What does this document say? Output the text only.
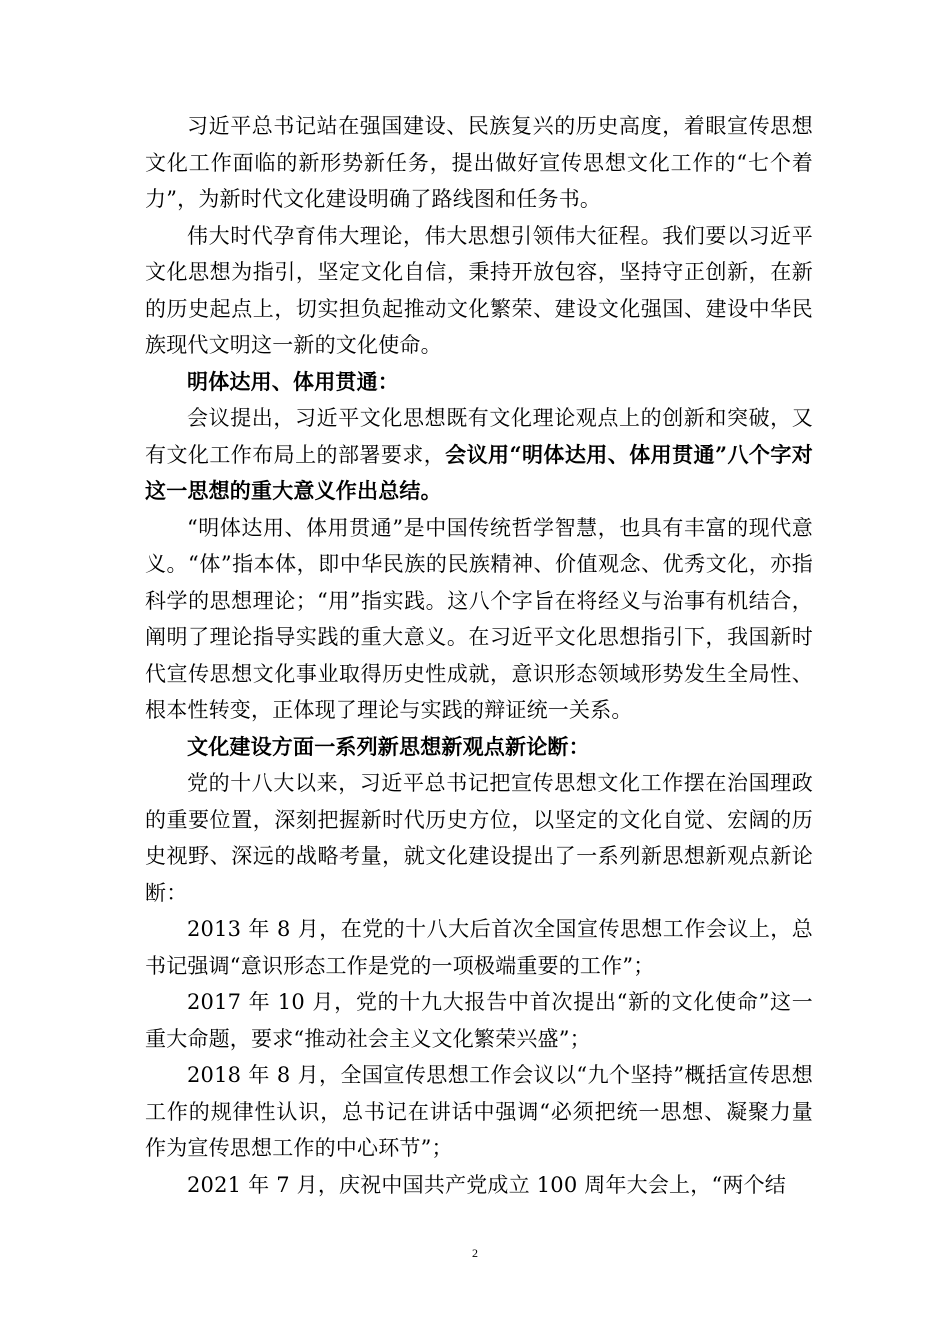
习近平总书记站在强国建设、民族复兴的历史高度，着眼宣传思想文化工作面临的新形势新任务，提出做好宣传思想文化工作的“七个着力”，为新时代文化建设明确了路线图和任务书。

伟大时代孕育伟大理论，伟大思想引领伟大征程。我们要以习近平文化思想为指引，坚定文化自信，秉持开放包容，坚持守正创新，在新的历史起点上，切实担负起推动文化繁荣、建设文化强国、建设中华民族现代文明这一新的文化使命。

明体达用、体用贯通：

会议提出，习近平文化思想既有文化理论观点上的创新和突破，又有文化工作布局上的部署要求，会议用“明体达用、体用贯通”八个字对这一思想的重大意义作出总结。

“明体达用、体用贯通”是中国传统哲学智慧，也具有丰富的现代意义。“体”指本体，即中华民族的民族精神、价值观念、优秀文化，亦指科学的思想理论；“用”指实践。这八个字旨在将经义与治事有机结合，阐明了理论指导实践的重大意义。在习近平文化思想指引下，我国新时代宣传思想文化事业取得历史性成就，意识形态领域形势发生全局性、根本性转变，正体现了理论与实践的辩证统一关系。

文化建设方面一系列新思想新观点新论断：

党的十八大以来，习近平总书记把宣传思想文化工作摆在治国理政的重要位置，深刻把握新时代历史方位，以坚定的文化自觉、宏阔的历史视野、深远的战略考量，就文化建设提出了一系列新思想新观点新论断：

2013 年 8 月，在党的十八大后首次全国宣传思想工作会议上，总书记强调“意识形态工作是党的一项极端重要的工作”；

2017 年 10 月，党的十九大报告中首次提出“新的文化使命”这一重大命题，要求“推动社会主义文化繁荣兴盛”；

2018 年 8 月，全国宣传思想工作会议以“九个坚持”概括宣传思想工作的规律性认识，总书记在讲话中强调“必须把统一思想、凝聚力量作为宣传思想工作的中心环节”；

2021 年 7 月，庆祝中国共产党成立 100 周年大会上，“两个结

2
